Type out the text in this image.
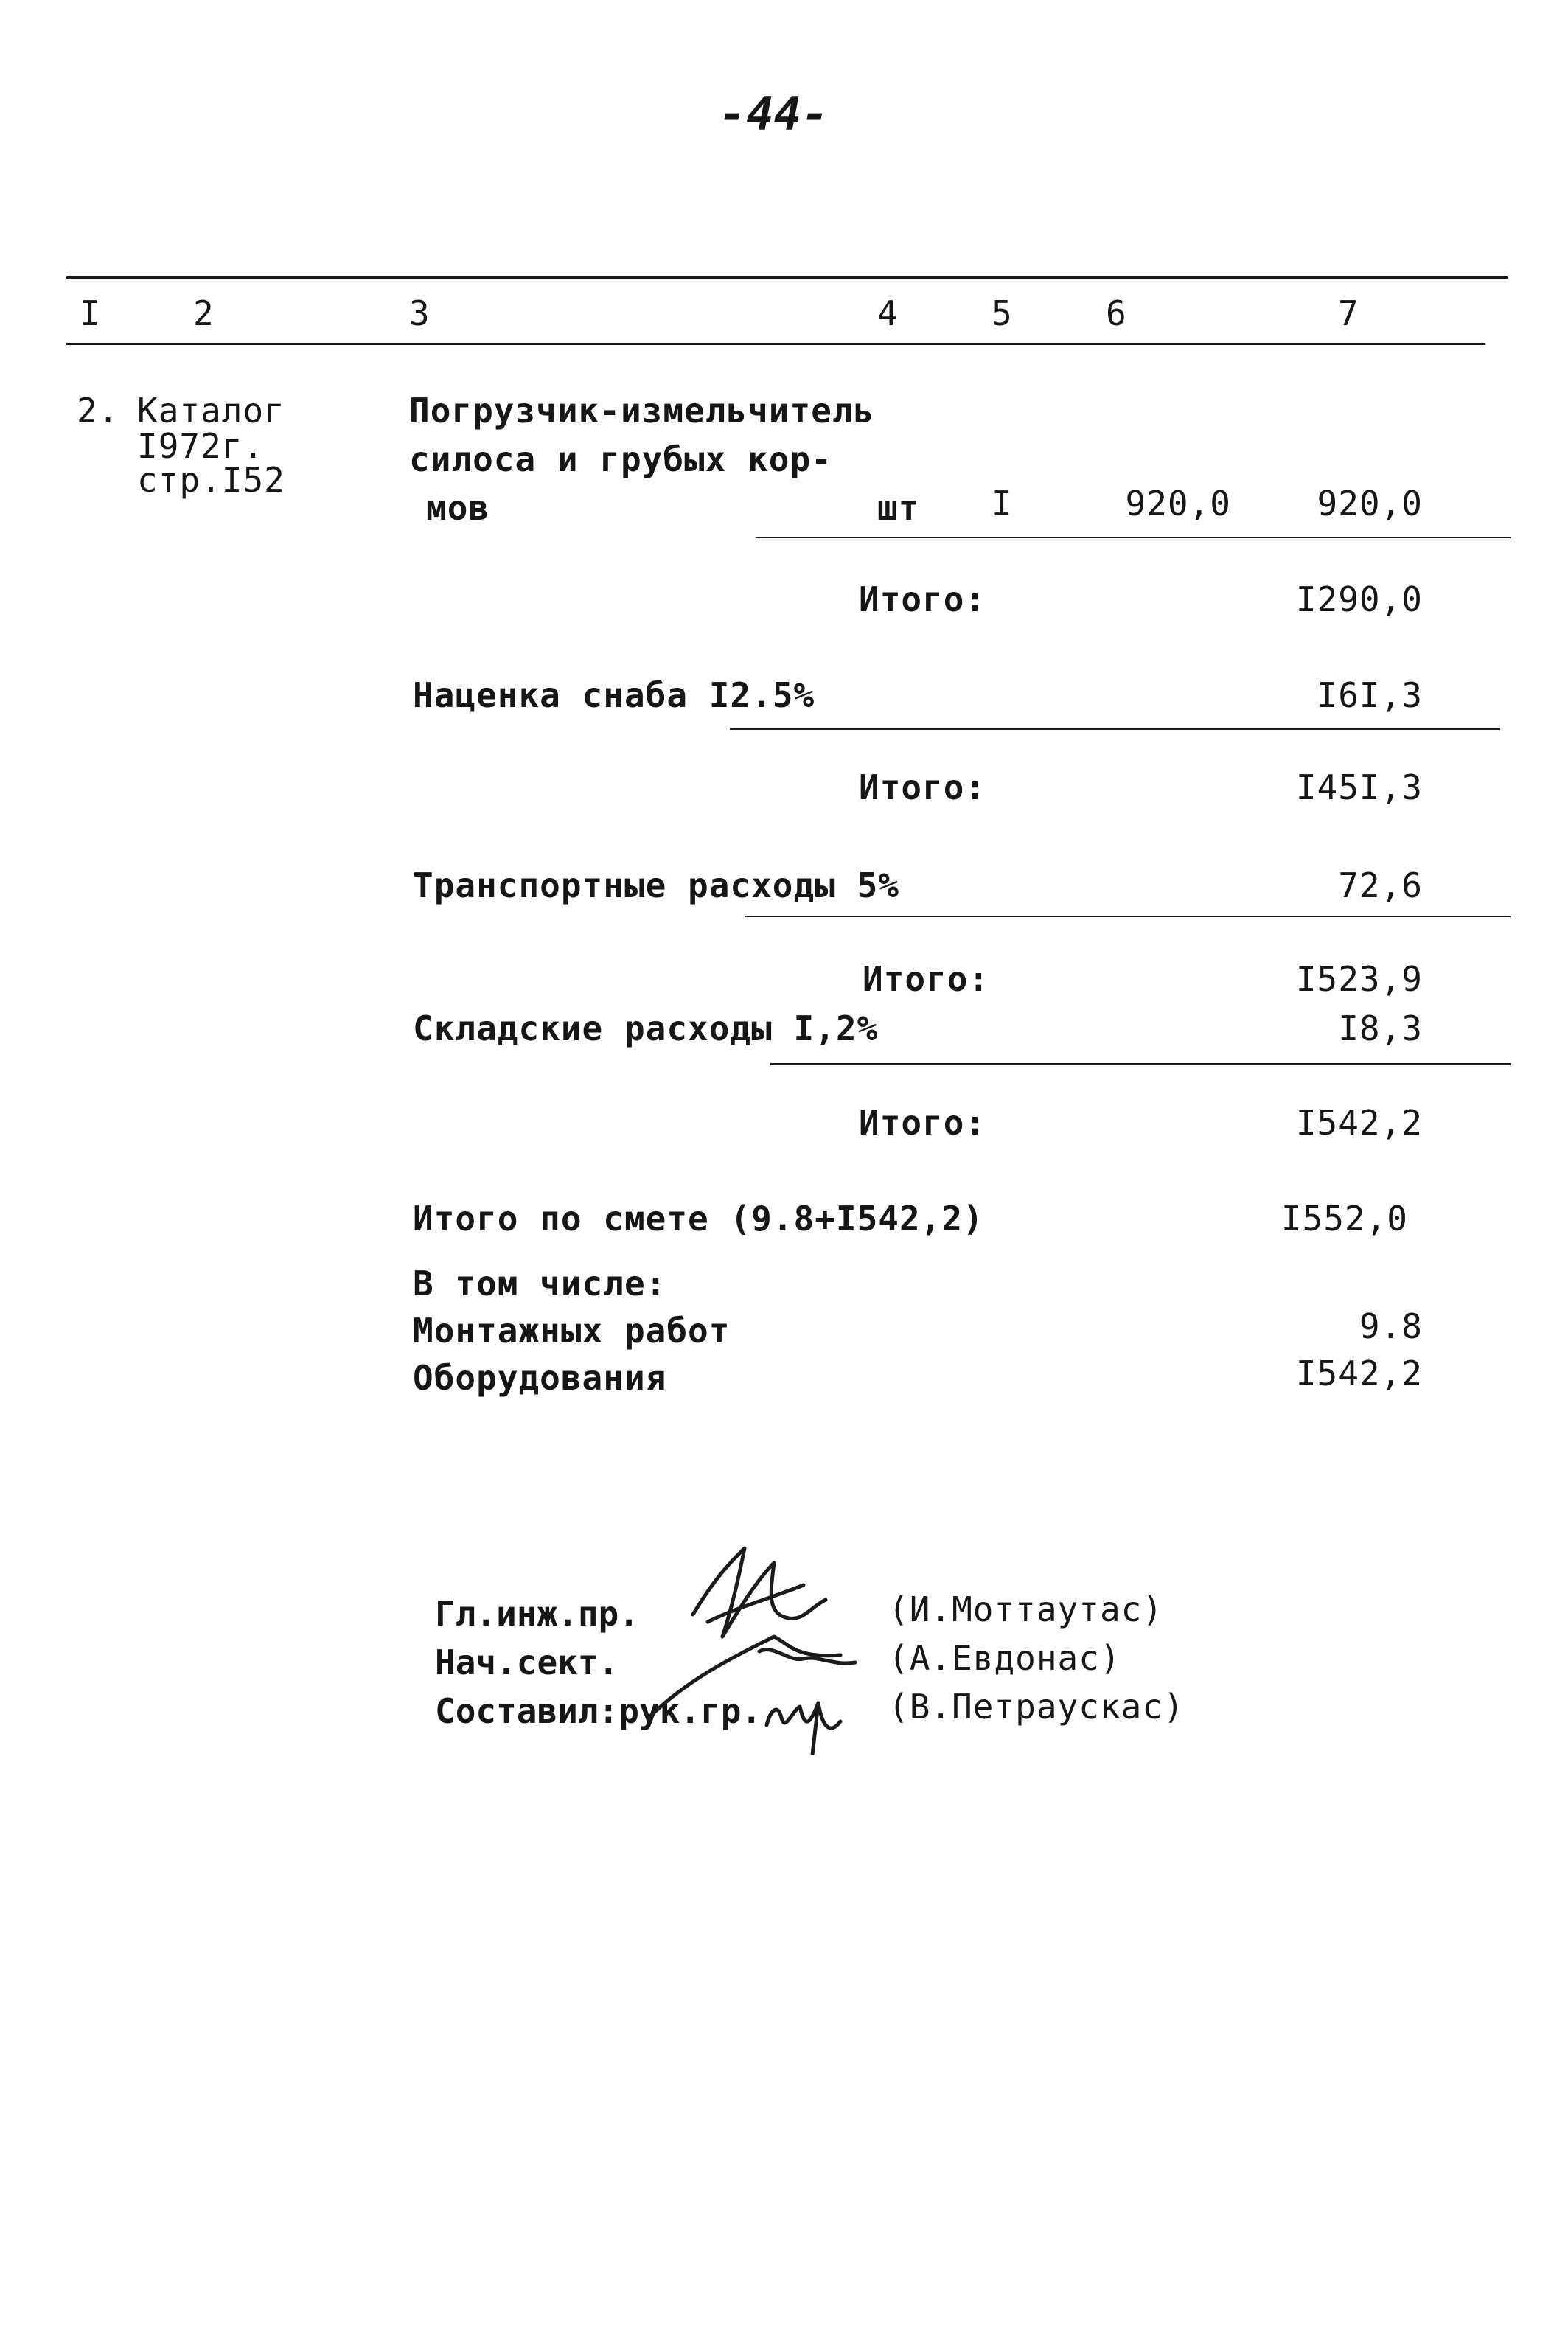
-44-
I	2	3	4	5	6	7
2. Каталог
I972г.
стр.I52
Погрузчик-измельчитель
силоса и грубых кор-
мов	шт I	920,0	920,0
Итого:	I290,0
Наценка снаба I2.5%	I6I,3
Итого:	I45I,3
Транспортные расходы 5%	72,6
Итого:	I523,9
Складские расходы I,2%	I8,3
Итого:	I542,2
Итого по смете (9.8+I542,2)	I552,0
В том числе:
Монтажных работ	9.8
Оборудования	I542,2
Гл.инж.пр.
Нач.сект.
Составил:рук.гр.
(И.Моттаутас)
(А.Евдонас)
(В.Петраускас)
